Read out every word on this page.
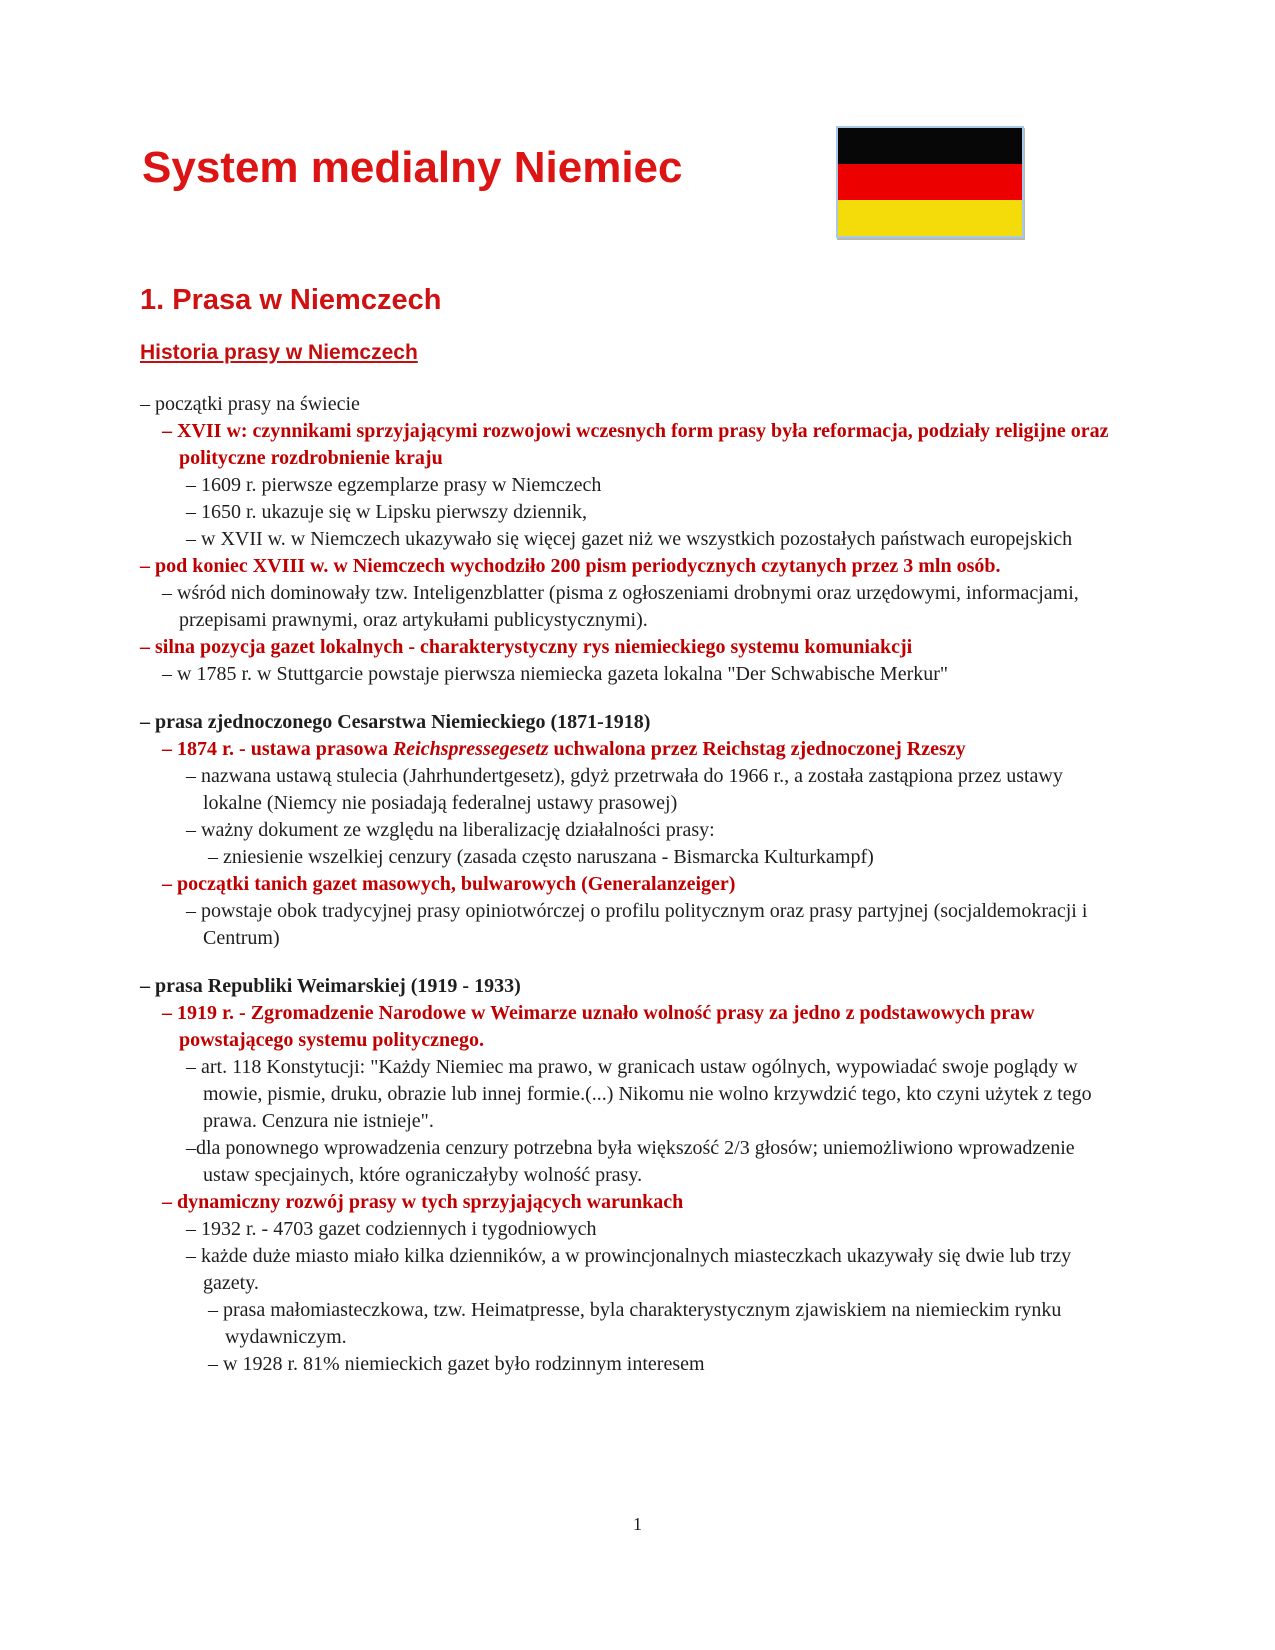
System medialny Niemiec
1. Prasa w Niemczech
Historia prasy w Niemczech
– początki prasy na świecie
– XVII w: czynnikami sprzyjającymi rozwojowi wczesnych form prasy była reformacja, podziały religijne oraz polityczne rozdrobnienie kraju
– 1609 r. pierwsze egzemplarze prasy w Niemczech
– 1650 r. ukazuje się w Lipsku pierwszy dziennik,
– w XVII w. w Niemczech ukazywało się więcej gazet niż we wszystkich pozostałych państwach europejskich
– pod koniec XVIII w. w Niemczech wychodziło 200 pism periodycznych czytanych przez 3 mln osób.
– wśród nich dominowały tzw. Inteligenzblatter (pisma z ogłoszeniami drobnymi oraz urzędowymi, informacjami, przepisami prawnymi, oraz artykułami publicystycznymi).
– silna pozycja gazet lokalnych - charakterystyczny rys niemieckiego systemu komuniakcji
– w 1785 r. w Stuttgarcie powstaje pierwsza niemiecka gazeta lokalna "Der Schwabische Merkur"
– prasa zjednoczonego Cesarstwa Niemieckiego (1871-1918)
– 1874 r. - ustawa prasowa Reichspressegesetz uchwalona przez Reichstag zjednoczonej Rzeszy
– nazwana ustawą stulecia (Jahrhundertgesetz), gdyż przetrwała do 1966 r., a została zastąpiona przez ustawy lokalne (Niemcy nie posiadają federalnej ustawy prasowej)
– ważny dokument ze względu na liberalizację działalności prasy:
– zniesienie wszelkiej cenzury (zasada często naruszana - Bismarcka Kulturkampf)
– początki tanich gazet masowych, bulwarowych (Generalanzeiger)
– powstaje obok tradycyjnej prasy opiniotwórczej o profilu politycznym oraz prasy partyjnej (socjaldemokracji i Centrum)
– prasa Republiki Weimarskiej (1919 - 1933)
– 1919 r. - Zgromadzenie Narodowe w Weimarze uznało wolność prasy za jedno z podstawowych praw powstającego systemu politycznego.
– art. 118 Konstytucji: "Każdy Niemiec ma prawo, w granicach ustaw ogólnych, wypowiadać swoje poglądy w mowie, pismie, druku, obrazie lub innej formie.(...) Nikomu nie wolno krzywdzić tego, kto czyni użytek z tego prawa. Cenzura nie istnieje".
–dla ponownego wprowadzenia cenzury potrzebna była większość 2/3 głosów; uniemożliwiono wprowadzenie ustaw specjainych, które ograniczałyby wolność prasy.
– dynamiczny rozwój prasy w tych sprzyjających warunkach
– 1932 r. - 4703 gazet codziennych i tygodniowych
– każde duże miasto miało kilka dzienników, a w prowincjonalnych miasteczkach ukazywały się dwie lub trzy gazety.
– prasa małomiasteczkowa, tzw. Heimatpresse, byla charakterystycznym zjawiskiem na niemieckim rynku wydawniczym.
– w 1928 r. 81% niemieckich gazet było rodzinnym interesem
1
